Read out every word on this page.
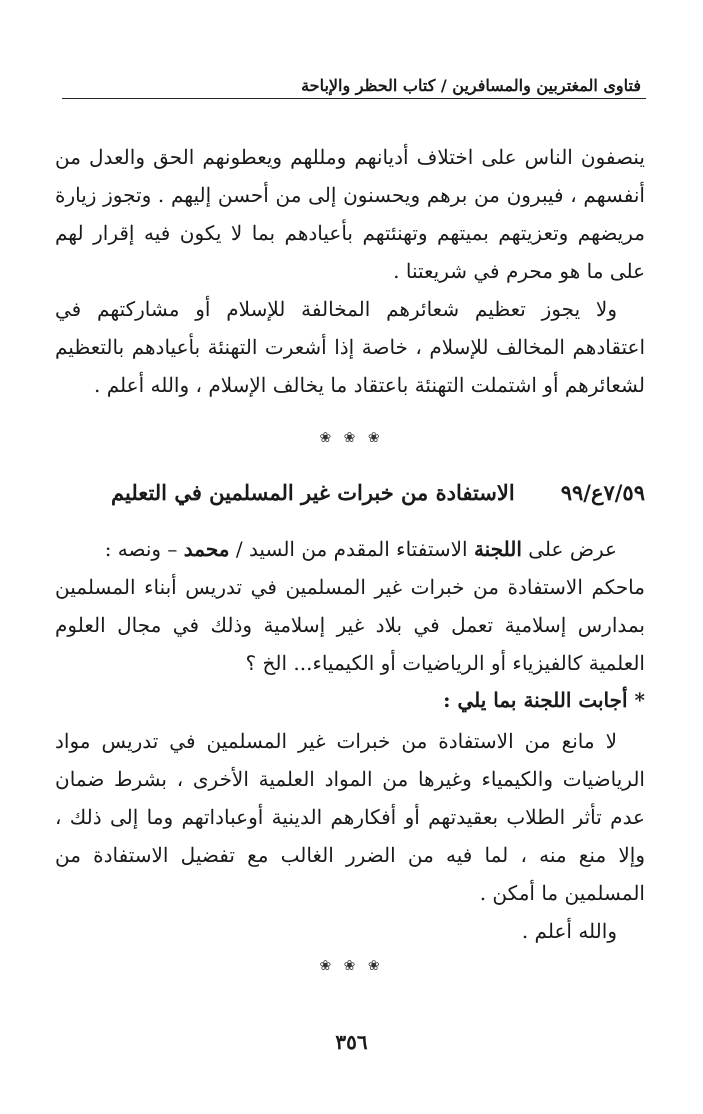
فتاوى المغتربين والمسافرين / كتاب الحظر والإباحة

ينصفون الناس على اختلاف أديانهم ومللهم ويعطونهم الحق والعدل من أنفسهم ، فيبرون من برهم ويحسنون إلى من أحسن إليهم . وتجوز زيارة مريضهم وتعزيتهم بميتهم وتهنئتهم بأعيادهم بما لا يكون فيه إقرار لهم على ما هو محرم في شريعتنا .

ولا يجوز تعظيم شعائرهم المخالفة للإسلام أو مشاركتهم في اعتقادهم المخالف للإسلام ، خاصة إذا أشعرت التهنئة بأعيادهم بالتعظيم لشعائرهم أو اشتملت التهنئة باعتقاد ما يخالف الإسلام ، والله أعلم .

❀ ❀ ❀
٧/٥٩ع/٩٩
الاستفادة من خبرات غير المسلمين في التعليم

عرض على اللجنة الاستفتاء المقدم من السيد / محمد – ونصه :

ماحكم الاستفادة من خبرات غير المسلمين في تدريس أبناء المسلمين بمدارس إسلامية تعمل في بلاد غير إسلامية وذلك في مجال العلوم العلمية كالفيزياء أو الرياضيات أو الكيمياء... الخ ؟

* أجابت اللجنة بما يلي :

لا مانع من الاستفادة من خبرات غير المسلمين في تدريس مواد الرياضيات والكيمياء وغيرها من المواد العلمية الأخرى ، بشرط ضمان عدم تأثر الطلاب بعقيدتهم أو أفكارهم الدينية أوعباداتهم وما إلى ذلك ، وإلا منع منه ، لما فيه من الضرر الغالب مع تفضيل الاستفادة من المسلمين ما أمكن .

والله أعلم .

❀ ❀ ❀
٣٥٦
